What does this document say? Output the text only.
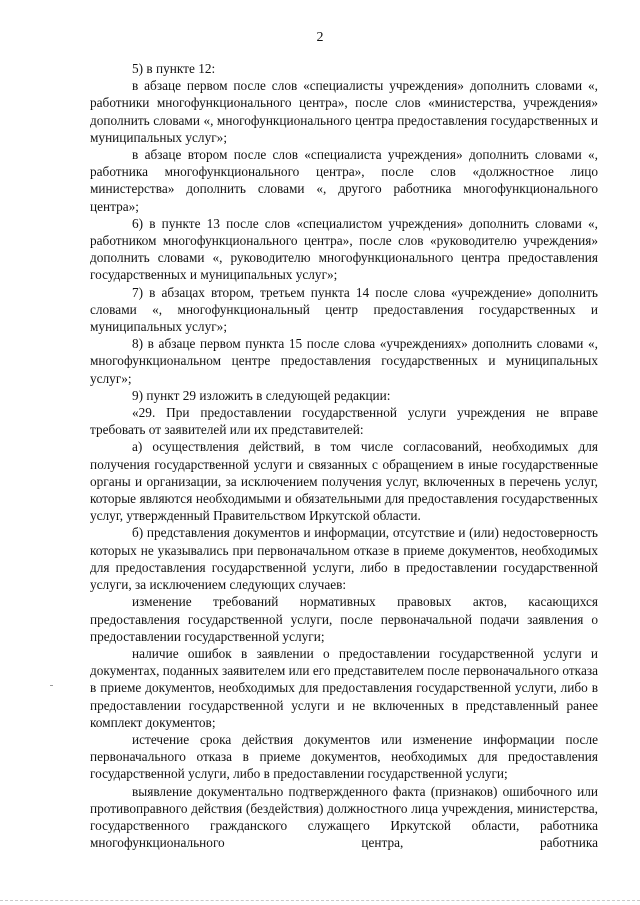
2

5) в пункте 12:

в абзаце первом после слов «специалисты учреждения» дополнить словами «, работники многофункционального центра», после слов «министерства, учреждения» дополнить словами «, многофункционального центра предоставления государственных и муниципальных услуг»;

в абзаце втором после слов «специалиста учреждения» дополнить словами «, работника многофункционального центра», после слов «должностное лицо министерства» дополнить словами «, другого работника многофункционального центра»;

6) в пункте 13 после слов «специалистом учреждения» дополнить словами «, работником многофункционального центра», после слов «руководителю учреждения» дополнить словами «, руководителю многофункционального центра предоставления государственных и муниципальных услуг»;

7) в абзацах втором, третьем пункта 14 после слова «учреждение» дополнить словами «, многофункциональный центр предоставления государственных и муниципальных услуг»;

8) в абзаце первом пункта 15 после слова «учреждениях» дополнить словами «, многофункциональном центре предоставления государственных и муниципальных услуг»;

9) пункт 29 изложить в следующей редакции:

«29. При предоставлении государственной услуги учреждения не вправе требовать от заявителей или их представителей:

а) осуществления действий, в том числе согласований, необходимых для получения государственной услуги и связанных с обращением в иные государственные органы и организации, за исключением получения услуг, включенных в перечень услуг, которые являются необходимыми и обязательными для предоставления государственных услуг, утвержденный Правительством Иркутской области.

б) представления документов и информации, отсутствие и (или) недостоверность которых не указывались при первоначальном отказе в приеме документов, необходимых для предоставления государственной услуги, либо в предоставлении государственной услуги, за исключением следующих случаев:

изменение требований нормативных правовых актов, касающихся предоставления государственной услуги, после первоначальной подачи заявления о предоставлении государственной услуги;

наличие ошибок в заявлении о предоставлении государственной услуги и документах, поданных заявителем или его представителем после первоначального отказа в приеме документов, необходимых для предоставления государственной услуги, либо в предоставлении государственной услуги и не включенных в представленный ранее комплект документов;

истечение срока действия документов или изменение информации после первоначального отказа в приеме документов, необходимых для предоставления государственной услуги, либо в предоставлении государственной услуги;

выявление документально подтвержденного факта (признаков) ошибочного или противоправного действия (бездействия) должностного лица учреждения, министерства, государственного гражданского служащего Иркутской области, работника многофункционального центра, работника
